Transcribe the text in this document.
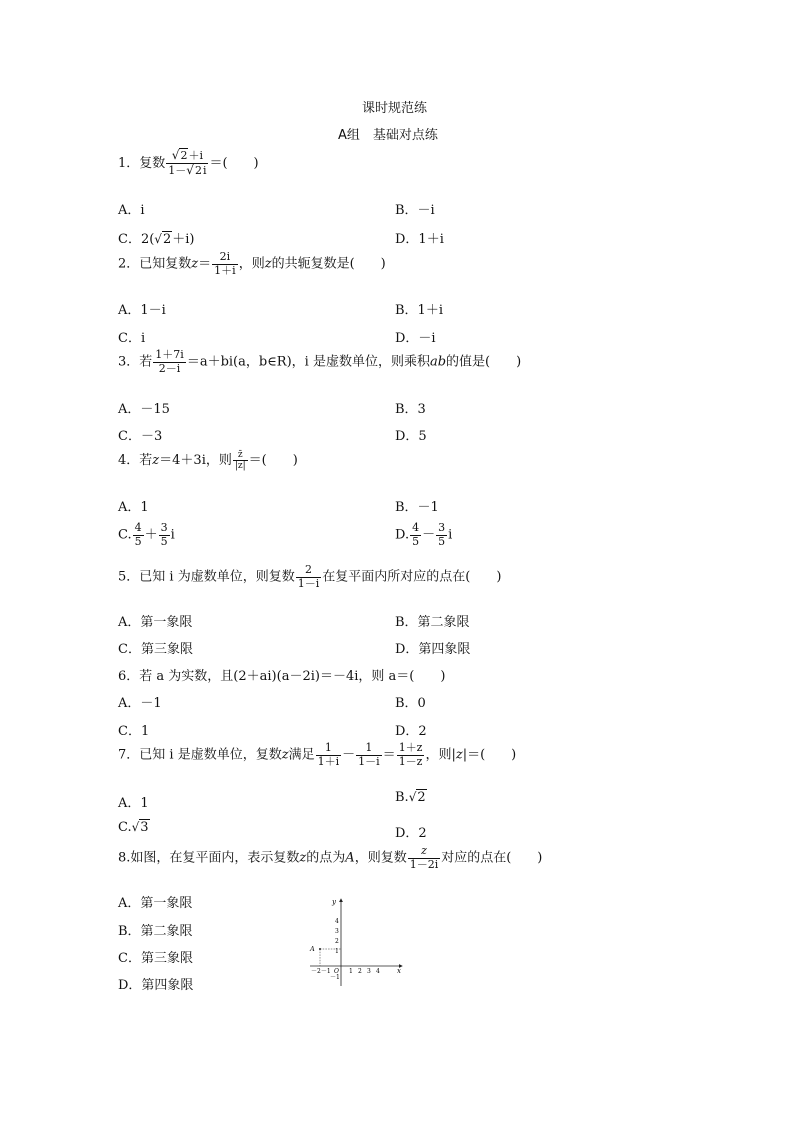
课时规范练
A组　基础对点练
1．复数 $\frac{√2+i}{1-√2i}$ ＝(　　)
A．i	B．－i
C．2(√2＋i)	D．1＋i
2．已知复数$z= \frac{2i}{1+i}$ ，则z的共轭复数是(　　)
A．1－i	B．1＋i
C．i	D．－i
3．若 $\frac{1+7i}{2-i} =a+bi(a$，b∈R)，i 是虚数单位，则乘积ab的值是(　　)
A．－15	B．3
C．－3	D．5
4．若z＝4＋3i，则 $\frac{z̄}{|z|}$ ＝(　　)
A．1	B．－1
C. $\frac{4}{5} + \frac{3}{5}$ i	D. $\frac{4}{5} - \frac{3}{5}$ i
5．已知 i 为虚数单位，则复数 $\frac{2}{1-i}$ 在复平面内所对应的点在(　　)
A．第一象限	B．第二象限
C．第三象限	D．第四象限
6．若 a 为实数，且(2＋ai)(a－2i)＝－4i，则 a＝(　　)
A．－1	B．0
C．1	D．2
7．已知 i 是虚数单位，复数z满足 $\frac{1}{1+i} - \frac{1}{1-i} = \frac{1+z}{1-z}$ ，则|z|＝(　　)
A．1	B.√2
C.√3	D．2
8.如图，在复平面内，表示复数z的点为A，则复数 $\frac{z}{1-2i}$ 对应的点在(　　)
A．第一象限
B．第二象限
C．第三象限
D．第四象限
y
x
4
3
2
1
1 2 3 4
－2－1 O
－1
A
